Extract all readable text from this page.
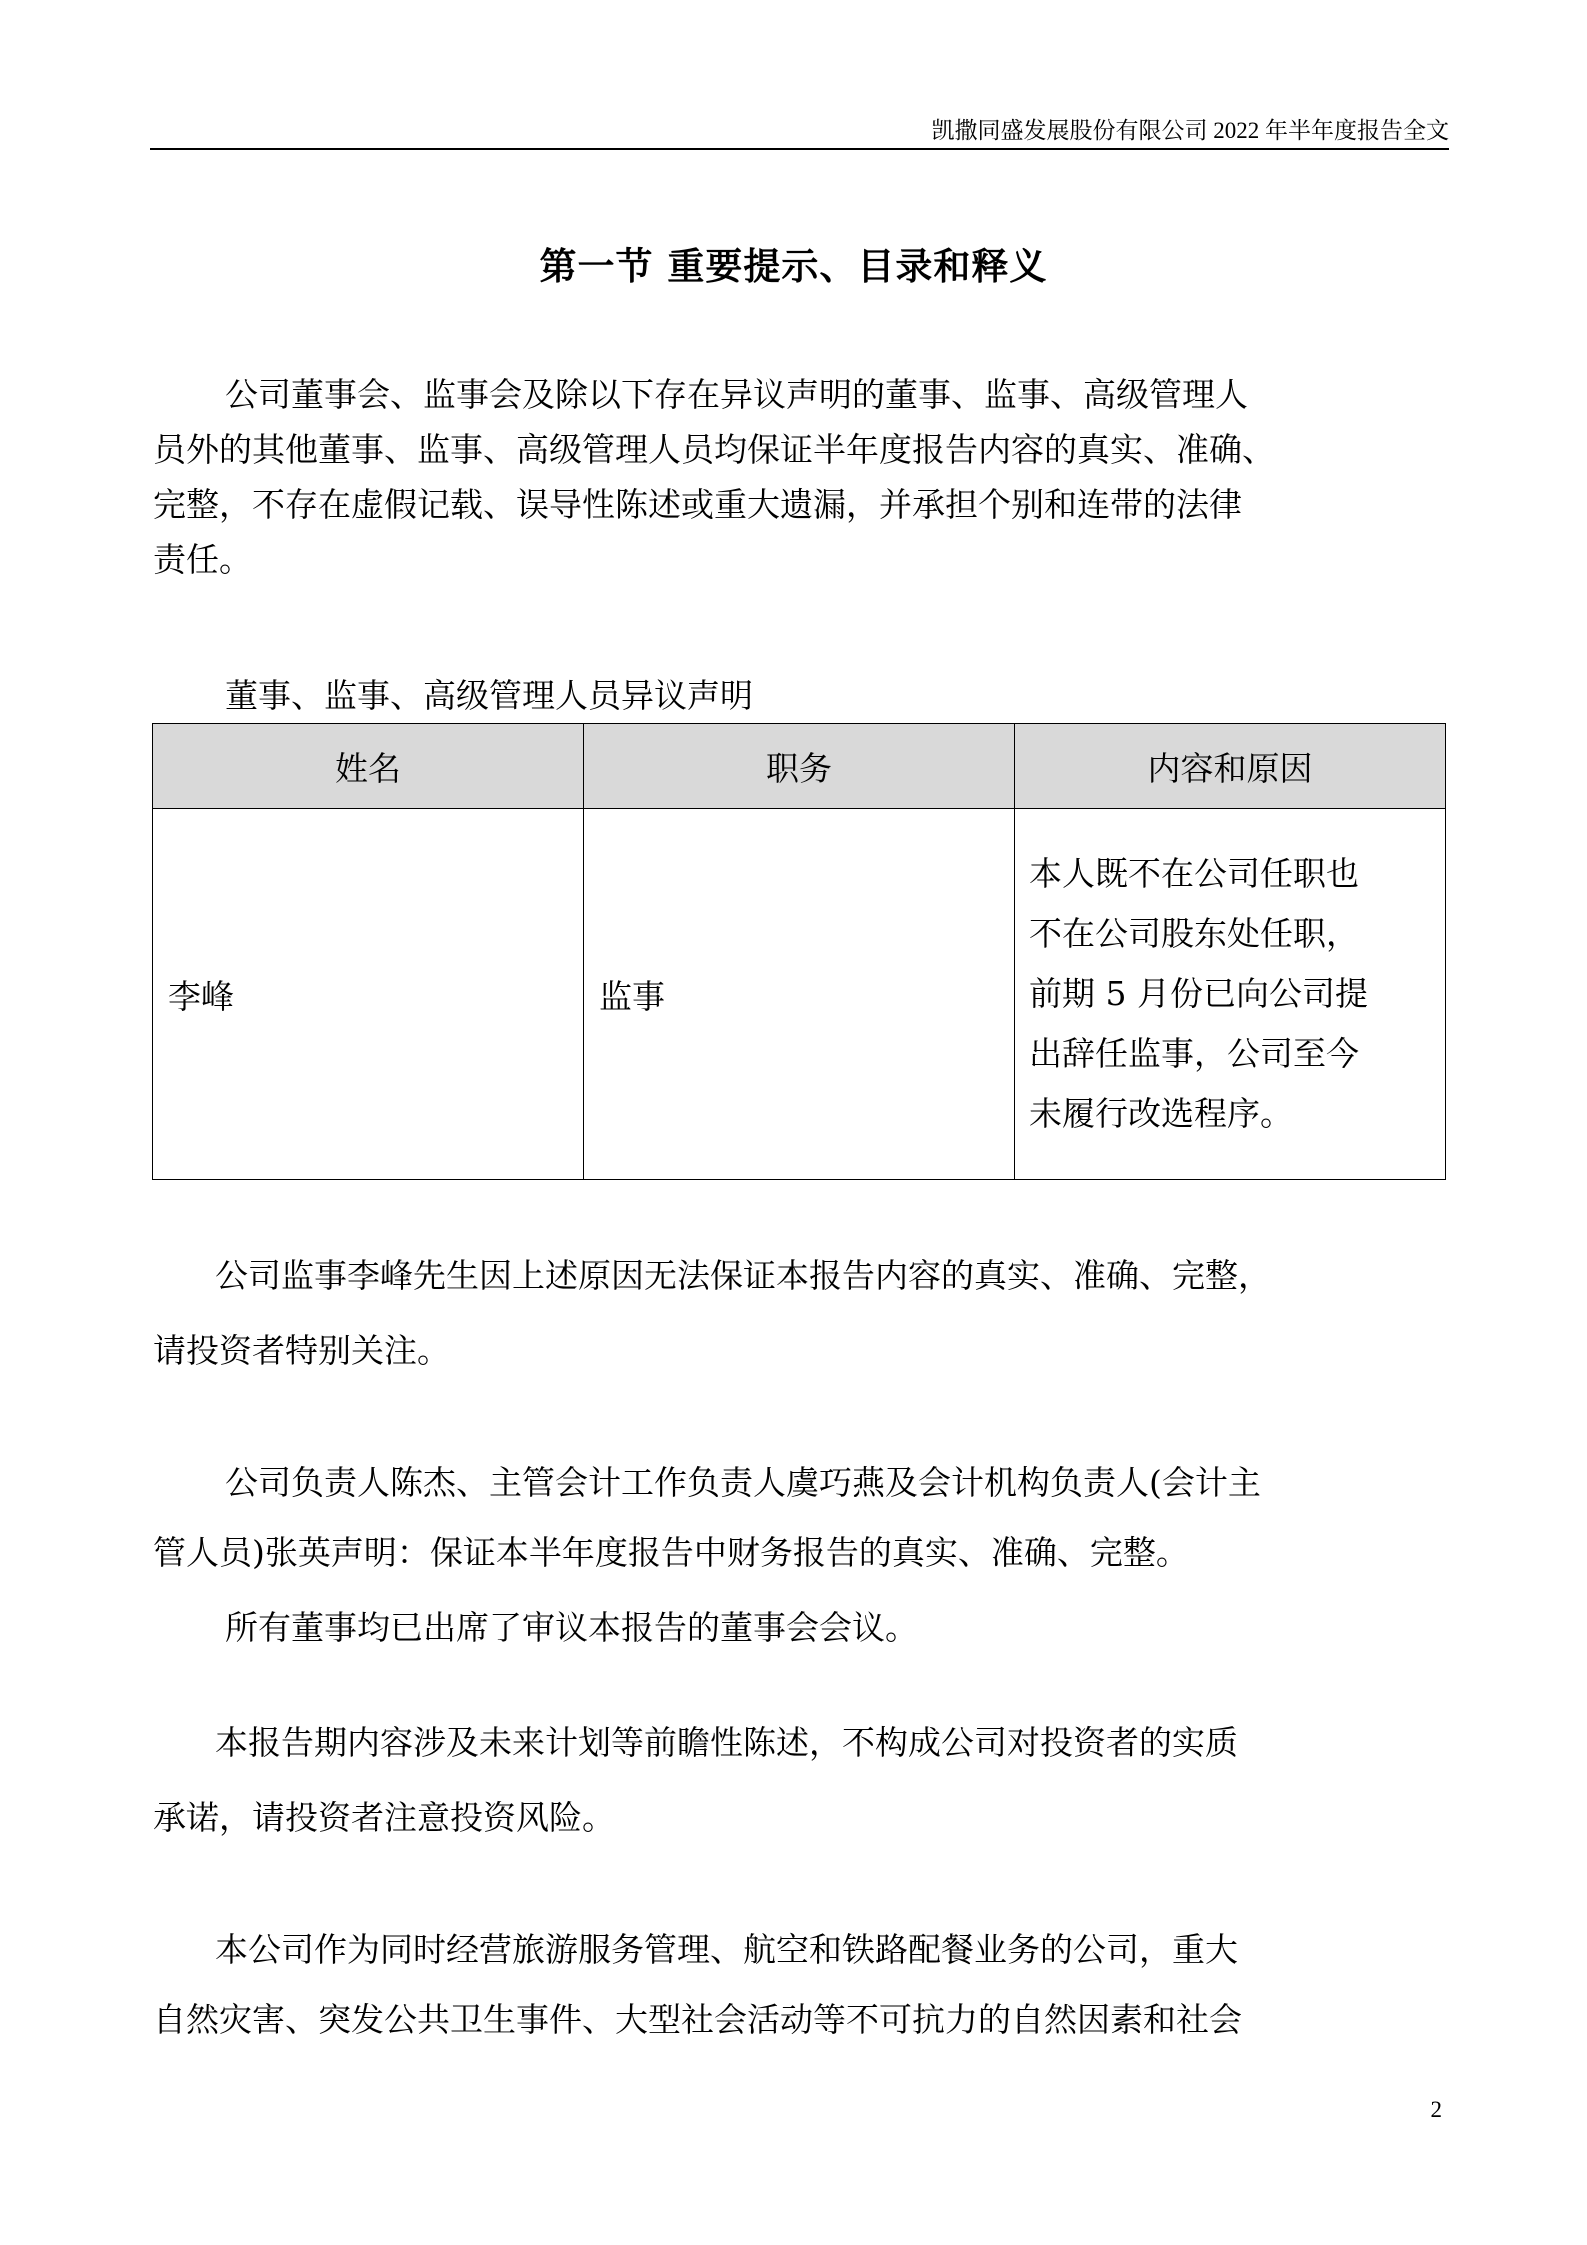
凯撒同盛发展股份有限公司 2022 年半年度报告全文
第一节 重要提示、目录和释义
公司董事会、监事会及除以下存在异议声明的董事、监事、高级管理人
员外的其他董事、监事、高级管理人员均保证半年度报告内容的真实、准确、
完整，不存在虚假记载、误导性陈述或重大遗漏，并承担个别和连带的法律
责任。
董事、监事、高级管理人员异议声明
姓名	职务	内容和原因
李峰	监事	本人既不在公司任职也
不在公司股东处任职，
前期 5 月份已向公司提
出辞任监事，公司至今
未履行改选程序。
公司监事李峰先生因上述原因无法保证本报告内容的真实、准确、完整，
请投资者特别关注。
公司负责人陈杰、主管会计工作负责人虞巧燕及会计机构负责人(会计主
管人员)张英声明：保证本半年度报告中财务报告的真实、准确、完整。
所有董事均已出席了审议本报告的董事会会议。
本报告期内容涉及未来计划等前瞻性陈述，不构成公司对投资者的实质
承诺，请投资者注意投资风险。
本公司作为同时经营旅游服务管理、航空和铁路配餐业务的公司，重大
自然灾害、突发公共卫生事件、大型社会活动等不可抗力的自然因素和社会
2
